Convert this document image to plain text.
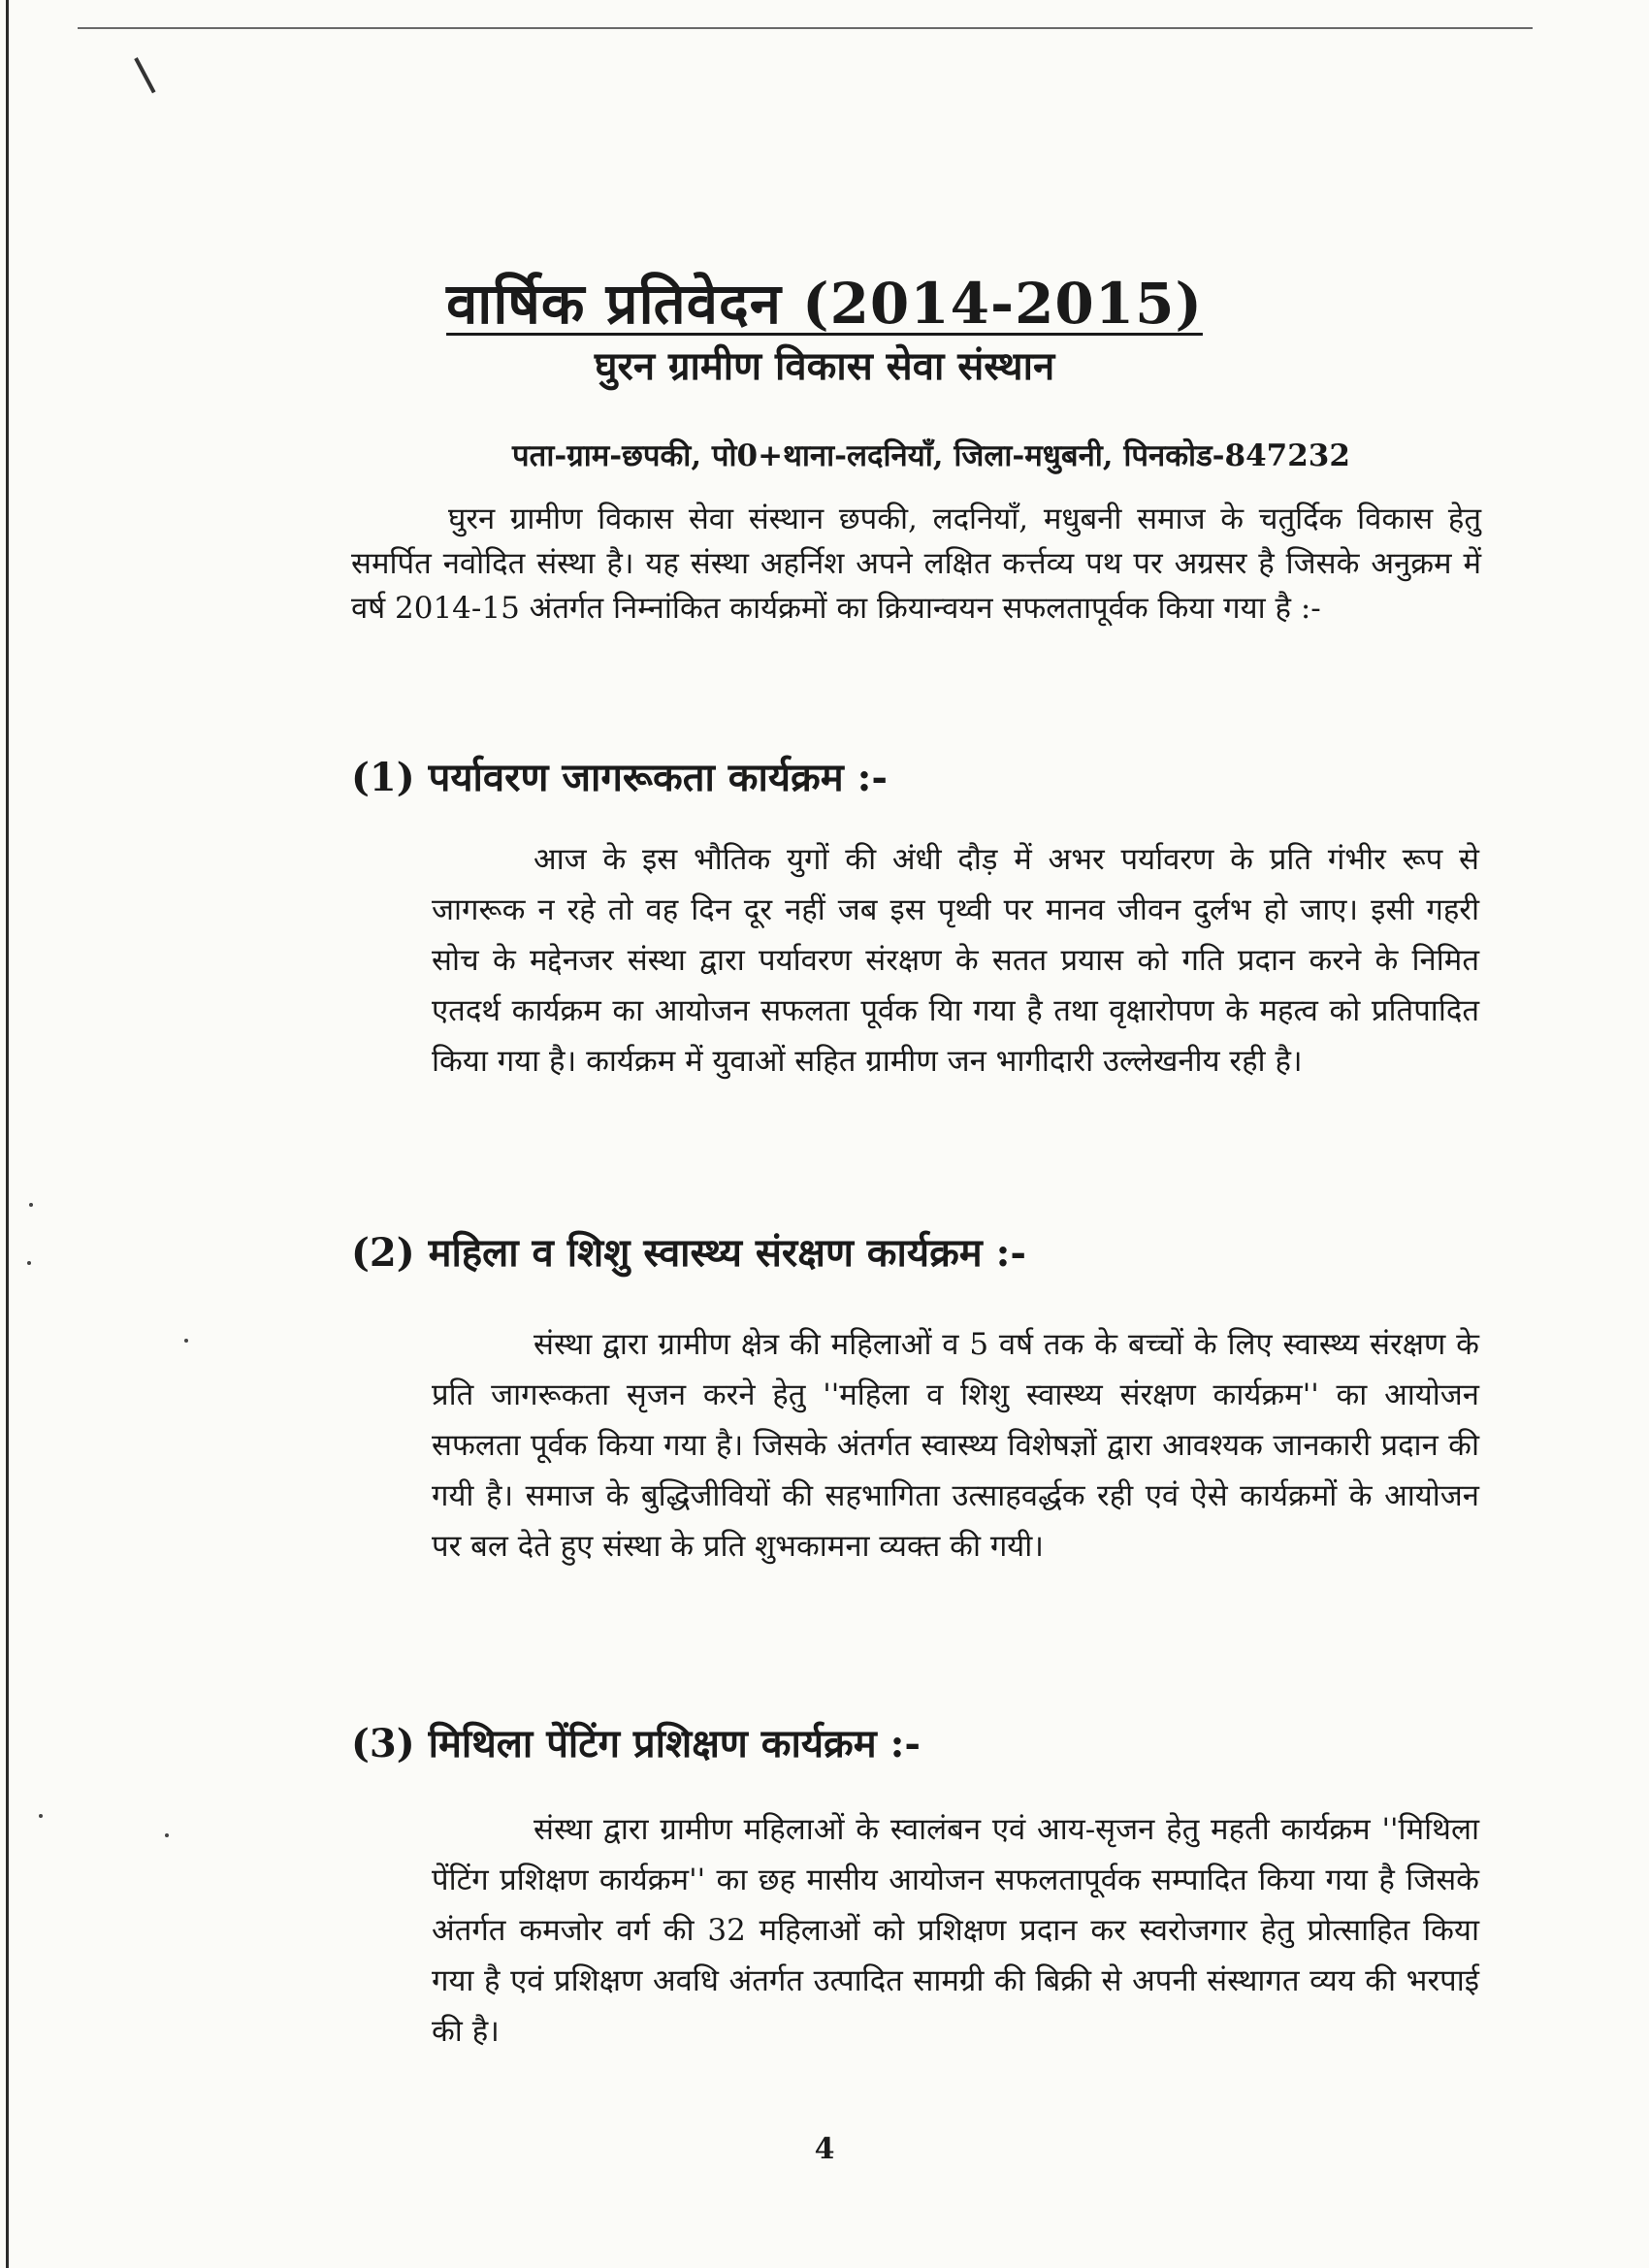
वार्षिक प्रतिवेदन (2014-2015)
घुरन ग्रामीण विकास सेवा संस्थान
पता-ग्राम-छपकी, पो0+थाना-लदनियाँ, जिला-मधुबनी, पिनकोड-847232

घुरन ग्रामीण विकास सेवा संस्थान छपकी, लदनियाँ, मधुबनी समाज के चतुर्दिक विकास हेतु समर्पित नवोदित संस्था है। यह संस्था अहर्निश अपने लक्षित कर्त्तव्य पथ पर अग्रसर है जिसके अनुक्रम में वर्ष 2014-15 अंतर्गत निम्नांकित कार्यक्रमों का क्रियान्वयन सफलतापूर्वक किया गया है :-

(1) पर्यावरण जागरूकता कार्यक्रम :-

आज के इस भौतिक युगों की अंधी दौड़ में अभर पर्यावरण के प्रति गंभीर रूप से जागरूक न रहे तो वह दिन दूर नहीं जब इस पृथ्वी पर मानव जीवन दुर्लभ हो जाए। इसी गहरी सोच के मद्देनजर संस्था द्वारा पर्यावरण संरक्षण के सतत प्रयास को गति प्रदान करने के निमित एतदर्थ कार्यक्रम का आयोजन सफलता पूर्वक यिा गया है तथा वृक्षारोपण के महत्व को प्रतिपादित किया गया है। कार्यक्रम में युवाओं सहित ग्रामीण जन भागीदारी उल्लेखनीय रही है।

(2) महिला व शिशु स्वास्थ्य संरक्षण कार्यक्रम :-

संस्था द्वारा ग्रामीण क्षेत्र की महिलाओं व 5 वर्ष तक के बच्चों के लिए स्वास्थ्य संरक्षण के प्रति जागरूकता सृजन करने हेतु ''महिला व शिशु स्वास्थ्य संरक्षण कार्यक्रम'' का आयोजन सफलता पूर्वक किया गया है। जिसके अंतर्गत स्वास्थ्य विशेषज्ञों द्वारा आवश्यक जानकारी प्रदान की गयी है। समाज के बुद्धिजीवियों की सहभागिता उत्साहवर्द्धक रही एवं ऐसे कार्यक्रमों के आयोजन पर बल देते हुए संस्था के प्रति शुभकामना व्यक्त की गयी।

(3) मिथिला पेंटिंग प्रशिक्षण कार्यक्रम :-

संस्था द्वारा ग्रामीण महिलाओं के स्वालंबन एवं आय-सृजन हेतु महती कार्यक्रम ''मिथिला पेंटिंग प्रशिक्षण कार्यक्रम'' का छह मासीय आयोजन सफलतापूर्वक सम्पादित किया गया है जिसके अंतर्गत कमजोर वर्ग की 32 महिलाओं को प्रशिक्षण प्रदान कर स्वरोजगार हेतु प्रोत्साहित किया गया है एवं प्रशिक्षण अवधि अंतर्गत उत्पादित सामग्री की बिक्री से अपनी संस्थागत व्यय की भरपाई की है।

4
